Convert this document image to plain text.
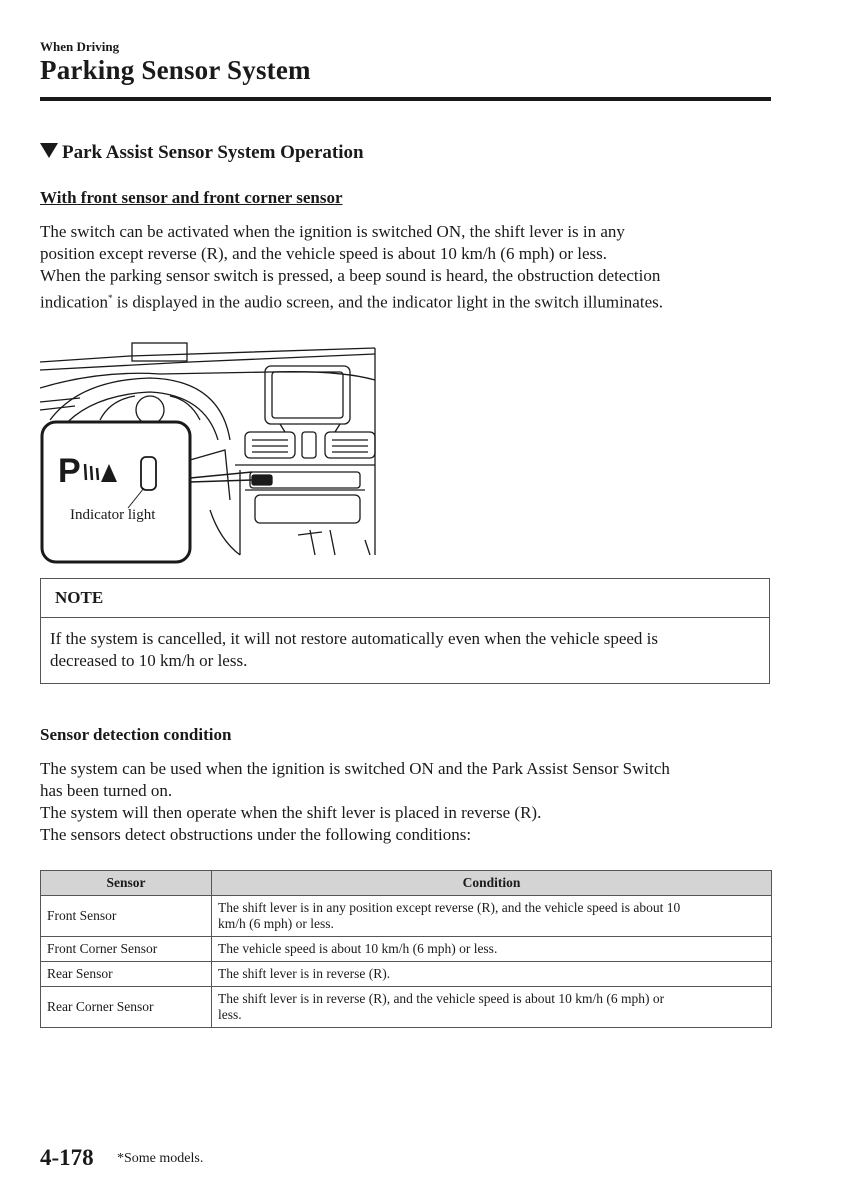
When Driving
Parking Sensor System
Park Assist Sensor System Operation
With front sensor and front corner sensor

The switch can be activated when the ignition is switched ON, the shift lever is in any

position except reverse (R), and the vehicle speed is about 10 km/h (6 mph) or less.

When the parking sensor switch is pressed, a beep sound is heard, the obstruction detection

indication* is displayed in the audio screen, and the indicator light in the switch illuminates.

P
Indicator light
NOTE
If the system is cancelled, it will not restore automatically even when the vehicle speed is
decreased to 10 km/h or less.
Sensor detection condition

The system can be used when the ignition is switched ON and the Park Assist Sensor Switch

has been turned on.

The system will then operate when the shift lever is placed in reverse (R).

The sensors detect obstructions under the following conditions:

Sensor	Condition
Front Sensor	The shift lever is in any position except reverse (R), and the vehicle speed is about 10
km/h (6 mph) or less.

Front Corner Sensor	The vehicle speed is about 10 km/h (6 mph) or less.

Rear Sensor	The shift lever is in reverse (R).

Rear Corner Sensor	The shift lever is in reverse (R), and the vehicle speed is about 10 km/h (6 mph) or
less.
4-178 *Some models.
